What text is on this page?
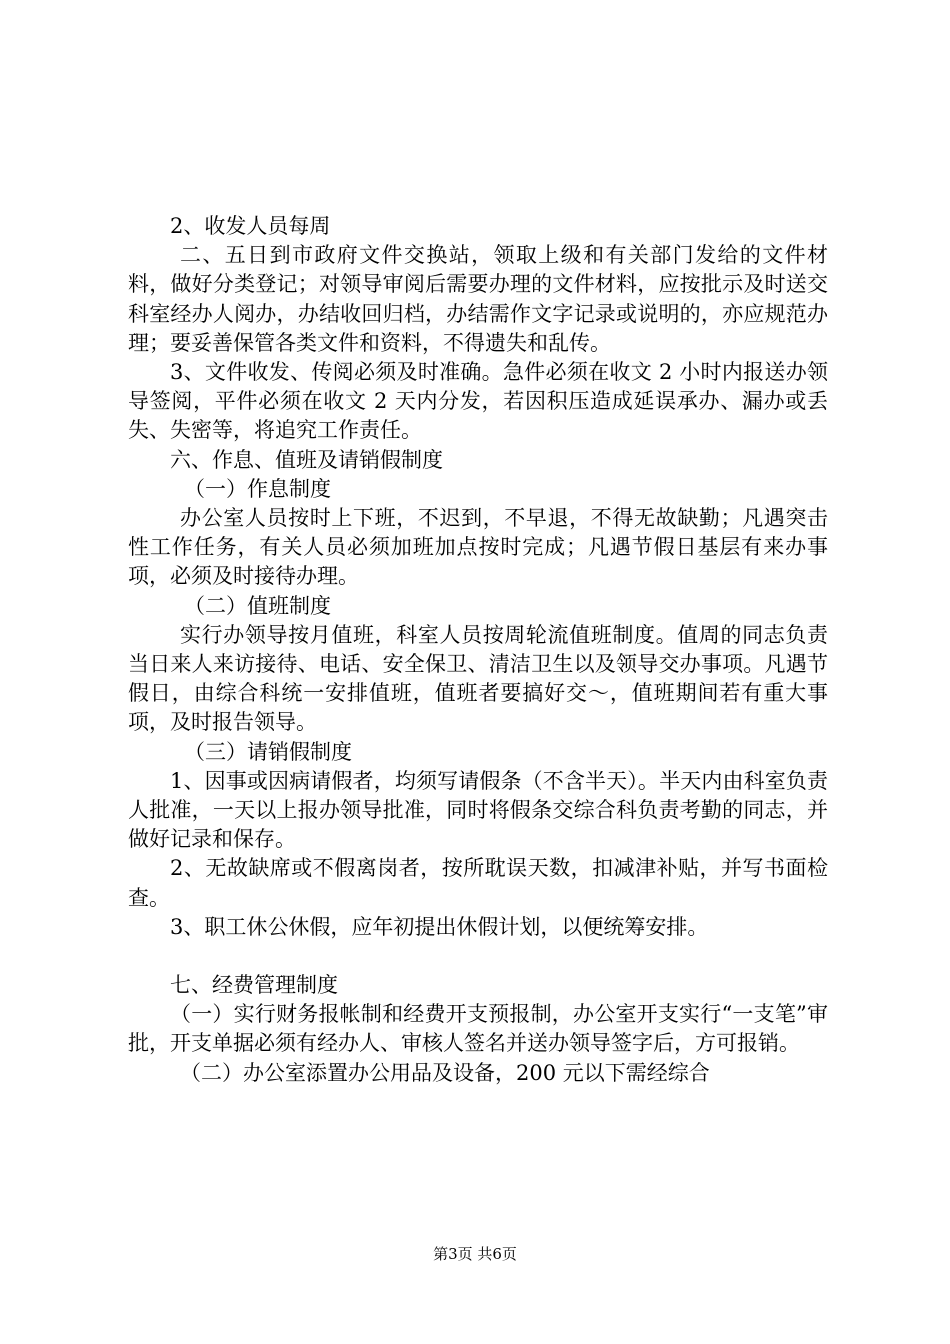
2、收发人员每周

二、五日到市政府文件交换站，领取上级和有关部门发给的文件材料，做好分类登记；对领导审阅后需要办理的文件材料，应按批示及时送交科室经办人阅办，办结收回归档，办结需作文字记录或说明的，亦应规范办理；要妥善保管各类文件和资料，不得遗失和乱传。

3、文件收发、传阅必须及时准确。急件必须在收文 2 小时内报送办领导签阅，平件必须在收文 2 天内分发，若因积压造成延误承办、漏办或丢失、失密等，将追究工作责任。

六、作息、值班及请销假制度

（一）作息制度

办公室人员按时上下班，不迟到，不早退，不得无故缺勤；凡遇突击性工作任务，有关人员必须加班加点按时完成；凡遇节假日基层有来办事项，必须及时接待办理。

（二）值班制度

实行办领导按月值班，科室人员按周轮流值班制度。值周的同志负责当日来人来访接待、电话、安全保卫、清洁卫生以及领导交办事项。凡遇节假日，由综合科统一安排值班，值班者要搞好交～，值班期间若有重大事项，及时报告领导。

（三）请销假制度

1、因事或因病请假者，均须写请假条（不含半天）。半天内由科室负责人批准，一天以上报办领导批准，同时将假条交综合科负责考勤的同志，并做好记录和保存。

2、无故缺席或不假离岗者，按所耽误天数，扣减津补贴，并写书面检查。

3、职工休公休假，应年初提出休假计划，以便统筹安排。

七、经费管理制度

（一）实行财务报帐制和经费开支预报制，办公室开支实行“一支笔”审批，开支单据必须有经办人、审核人签名并送办领导签字后，方可报销。

（二）办公室添置办公用品及设备，200 元以下需经综合

第3页 共6页
